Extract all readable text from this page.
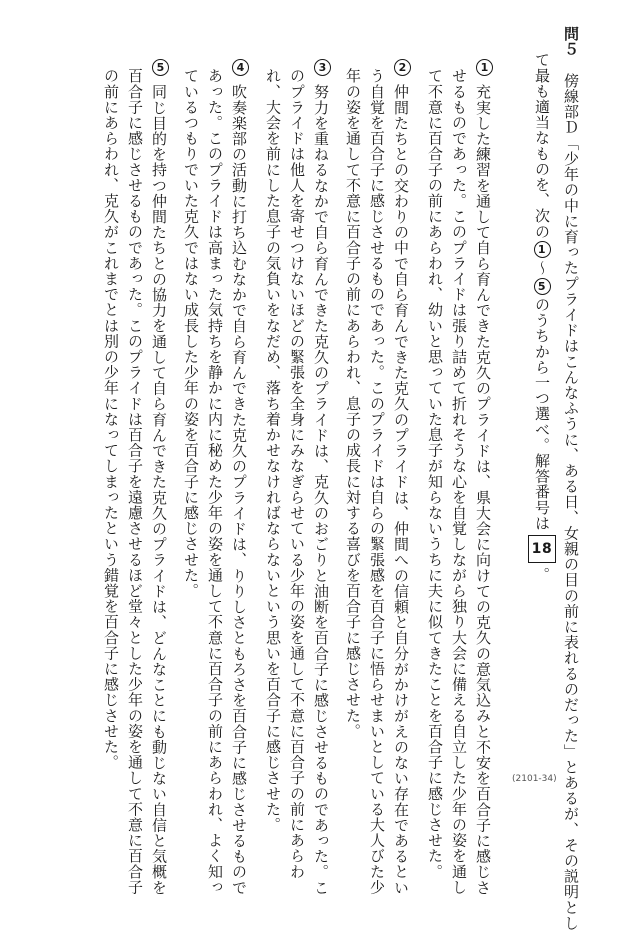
問５　傍線部Ｄ「少年の中に育ったプライドはこんなふうに、ある日、女親の目の前に表れるのだった」とあるが、その説明とし
て最も適当なものを、次の1〜5のうちから一つ選べ。解答番号は18。
1
充実した練習を通して自ら育んできた克久のプライドは、県大会に向けての克久の意気込みと不安を百合子に感じさ
せるものであった。このプライドは張り詰めて折れそうな心を自覚しながら独り大会に備える自立した少年の姿を通し
て不意に百合子の前にあらわれ、幼いと思っていた息子が知らないうちに夫に似てきたことを百合子に感じさせた。
2
仲間たちとの交わりの中で自ら育んできた克久のプライドは、仲間への信頼と自分がかけがえのない存在であるとい
う自覚を百合子に感じさせるものであった。このプライドは自らの緊張感を百合子に悟らせまいとしている大人びた少
年の姿を通して不意に百合子の前にあらわれ、息子の成長に対する喜びを百合子に感じさせた。
3
努力を重ねるなかで自ら育んできた克久のプライドは、克久のおごりと油断を百合子に感じさせるものであった。こ
のプライドは他人を寄せつけないほどの緊張を全身にみなぎらせている少年の姿を通して不意に百合子の前にあらわ
れ、大会を前にした息子の気負いをなだめ、落ち着かせなければならないという思いを百合子に感じさせた。
4
吹奏楽部の活動に打ち込むなかで自ら育んできた克久のプライドは、りりしさともろさを百合子に感じさせるもので
あった。このプライドは高まった気持ちを静かに内に秘めた少年の姿を通して不意に百合子の前にあらわれ、よく知っ
ているつもりでいた克久ではない成長した少年の姿を百合子に感じさせた。
5
同じ目的を持つ仲間たちとの協力を通して自ら育んできた克久のプライドは、どんなことにも動じない自信と気概を
百合子に感じさせるものであった。このプライドは百合子を遠慮させるほど堂々とした少年の姿を通して不意に百合子
の前にあらわれ、克久がこれまでとは別の少年になってしまったという錯覚を百合子に感じさせた。
(2101-34)
